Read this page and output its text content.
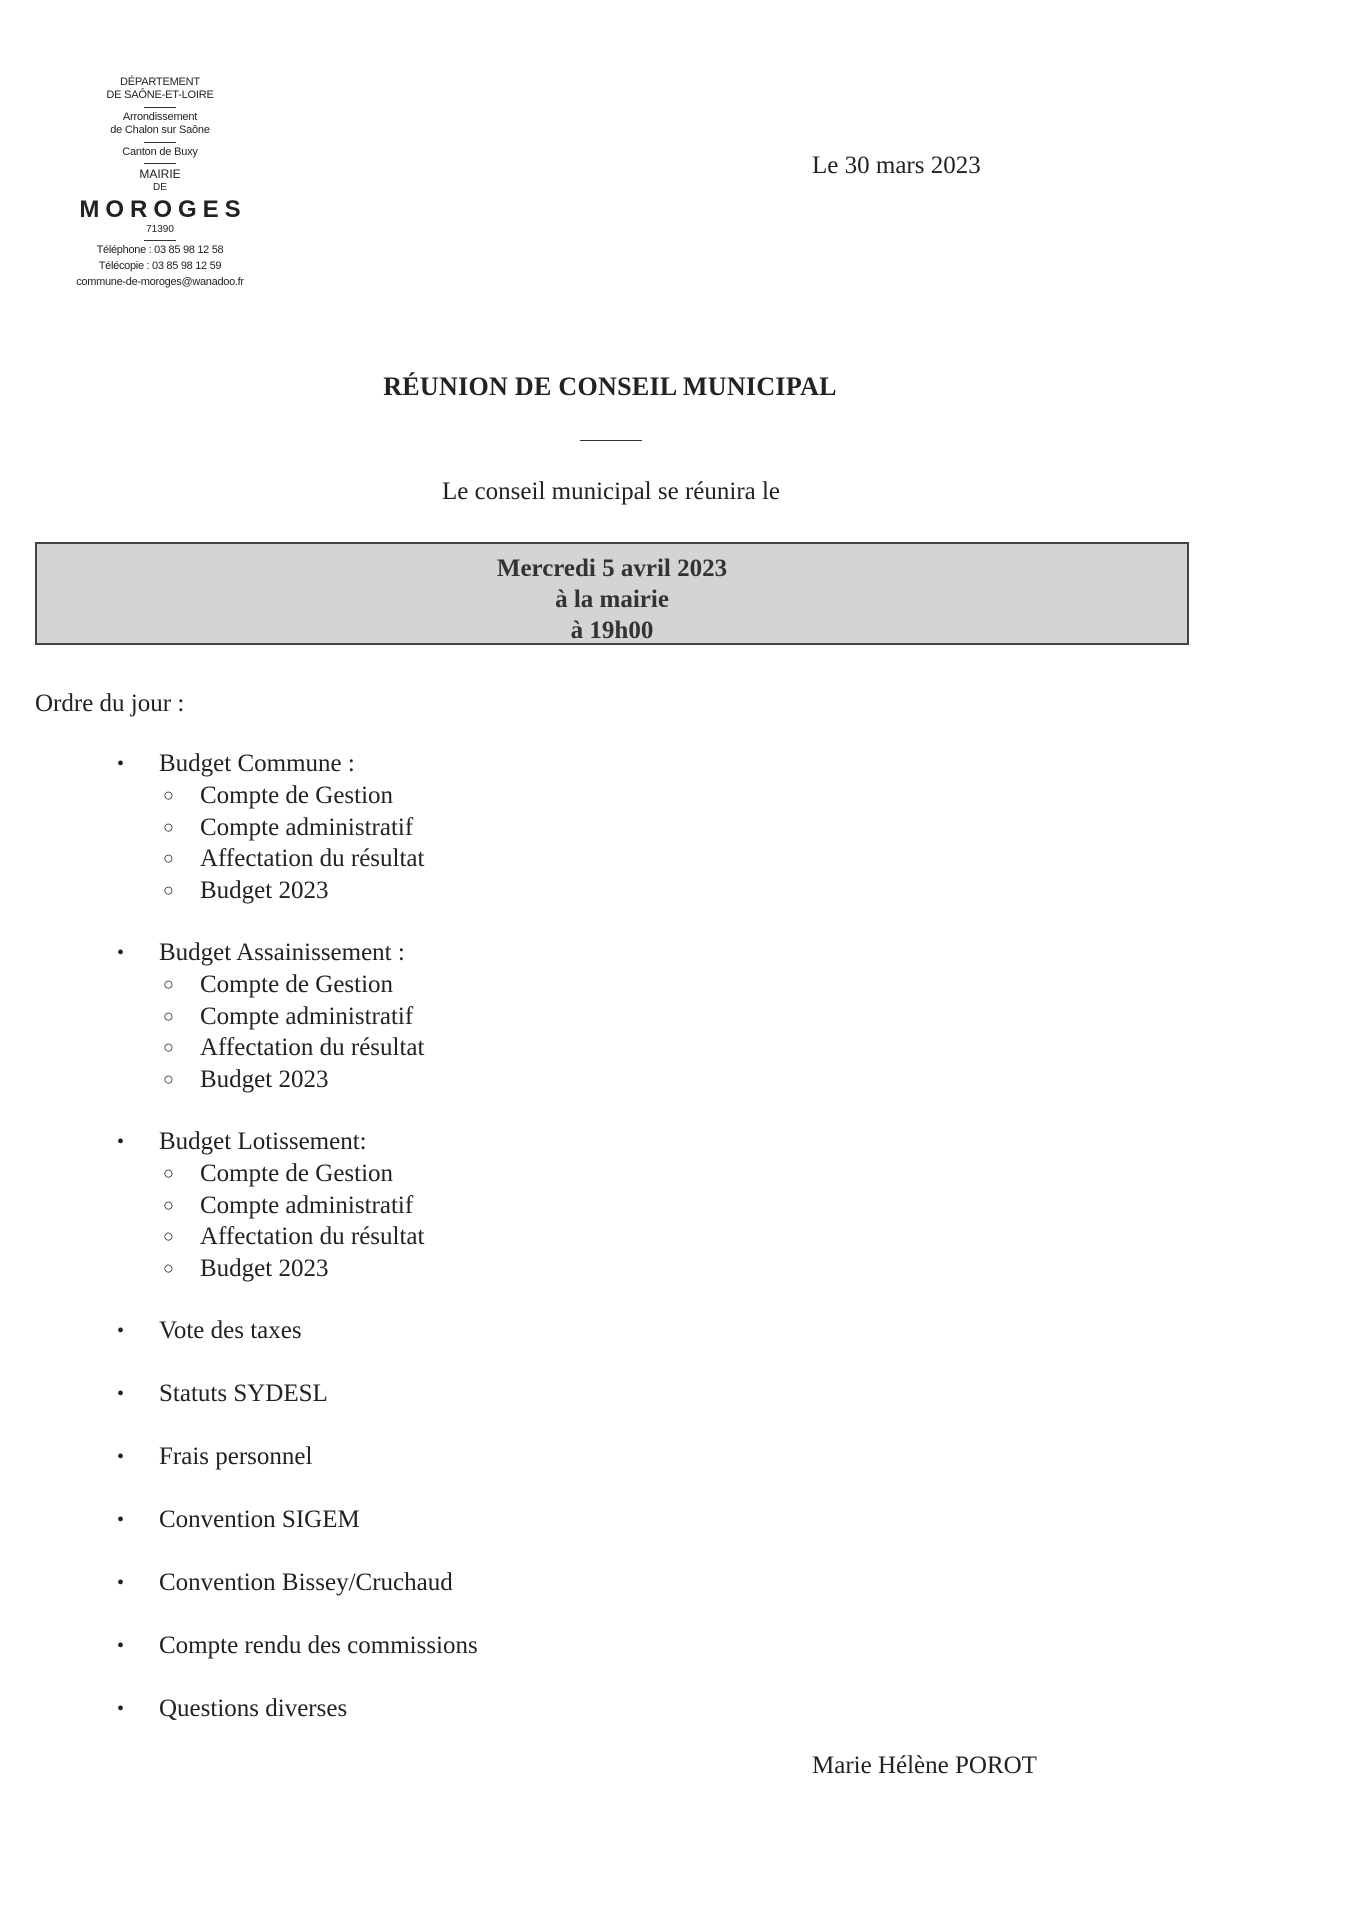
DÉPARTEMENT
DE SAÔNE-ET-LOIRE
Arrondissement
de Chalon sur Saône
Canton de Buxy
MAIRIE
DE
MOROGES
71390
Téléphone : 03 85 98 12 58
Télécopie : 03 85 98 12 59
commune-de-moroges@wanadoo.fr
Le 30 mars 2023
RÉUNION DE CONSEIL MUNICIPAL
Le conseil municipal se réunira le
Mercredi 5 avril 2023
à la mairie
à 19h00
Ordre du jour :
• Budget Commune :
○ Compte de Gestion
○ Compte administratif
○ Affectation du résultat
○ Budget 2023
• Budget Assainissement :
○ Compte de Gestion
○ Compte administratif
○ Affectation du résultat
○ Budget 2023
• Budget Lotissement:
○ Compte de Gestion
○ Compte administratif
○ Affectation du résultat
○ Budget 2023
• Vote des taxes
• Statuts SYDESL
• Frais personnel
• Convention SIGEM
• Convention Bissey/Cruchaud
• Compte rendu des commissions
• Questions diverses
Marie Hélène POROT
